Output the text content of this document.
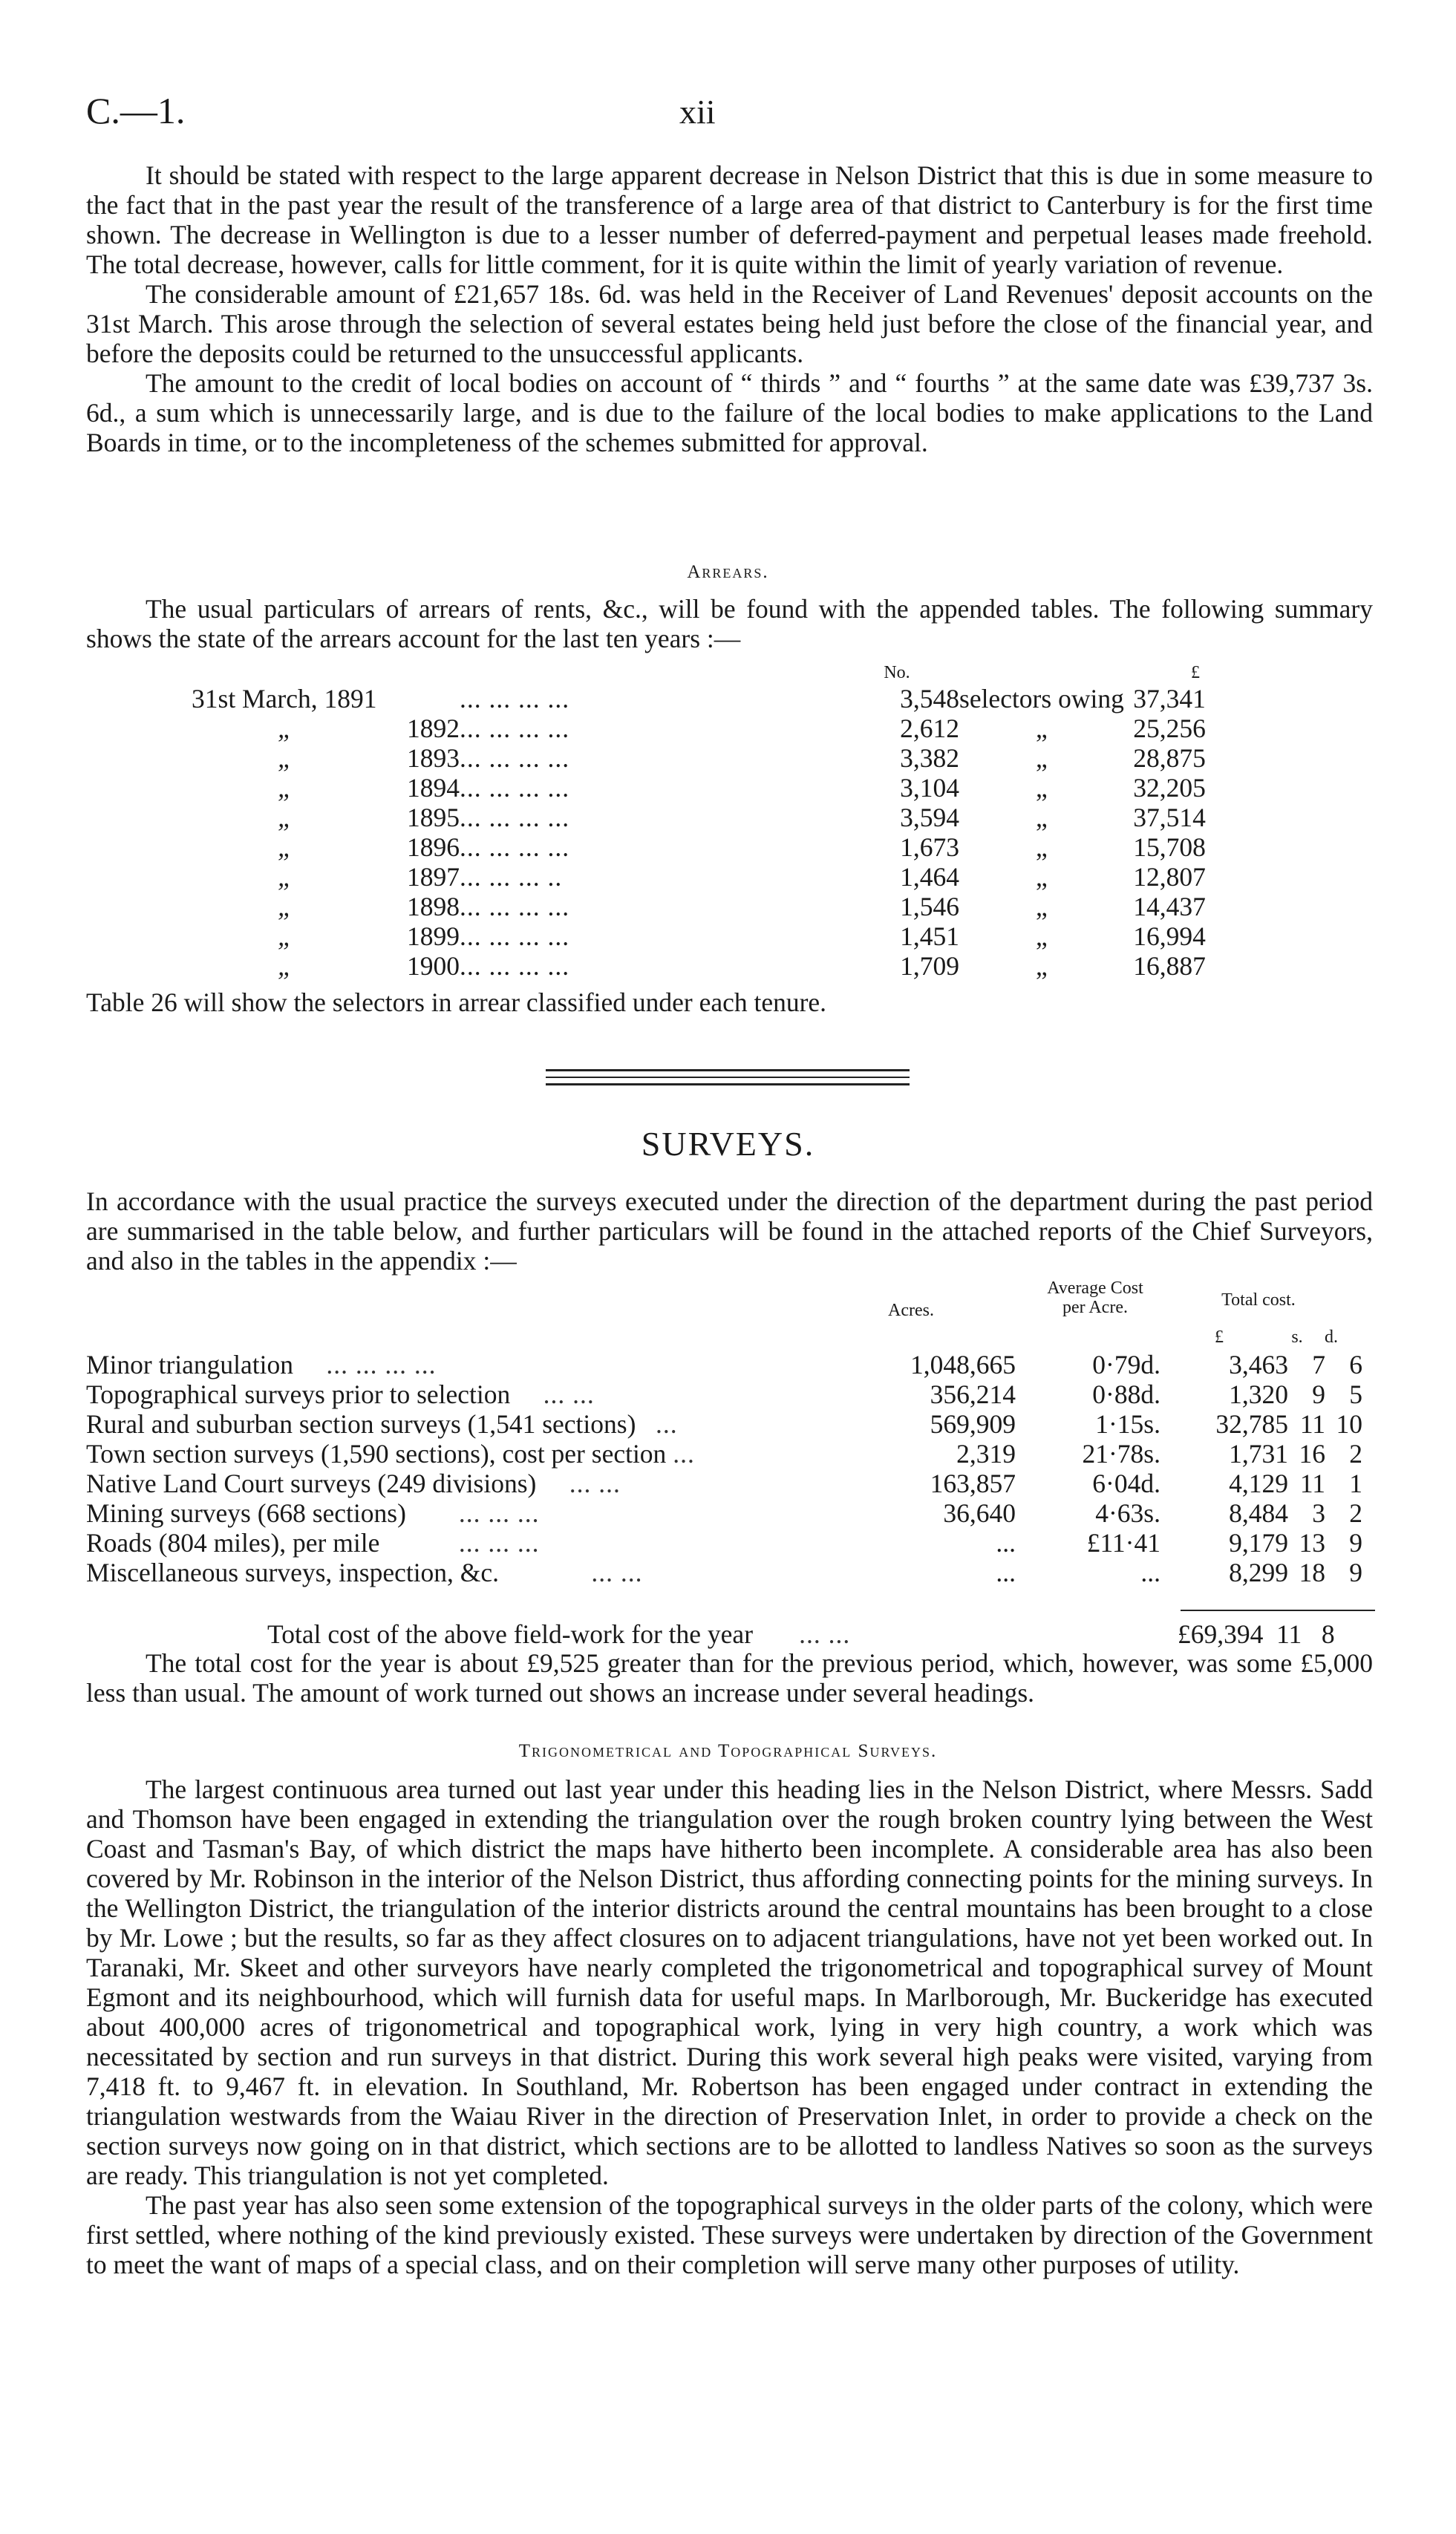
C.—1.	xii

It should be stated with respect to the large apparent decrease in Nelson District that this is due in some measure to the fact that in the past year the result of the transference of a large area of that district to Canterbury is for the first time shown. The decrease in Wellington is due to a lesser number of deferred-payment and perpetual leases made freehold. The total decrease, however, calls for little comment, for it is quite within the limit of yearly variation of revenue.

The considerable amount of £21,657 18s. 6d. was held in the Receiver of Land Revenues' deposit accounts on the 31st March. This arose through the selection of several estates being held just before the close of the financial year, and before the deposits could be returned to the unsuccessful applicants.

The amount to the credit of local bodies on account of “ thirds ” and “ fourths ” at the same date was £39,737 3s. 6d., a sum which is unnecessarily large, and is due to the failure of the local bodies to make applications to the Land Boards in time, or to the incompleteness of the schemes submitted for approval.

Arrears.

The usual particulars of arrears of rents, &c., will be found with the appended tables. The following summary shows the state of the arrears account for the last ten years :—

No.	£
31st March, 1891	... ... ... ...	3,548	selectors owing	37,341

„ 1892	... ... ... ...	2,612	„	25,256

„ 1893	... ... ... ...	3,382	„	28,875

„ 1894	... ... ... ...	3,104	„	32,205

„ 1895	... ... ... ...	3,594	„	37,514

„ 1896	... ... ... ...	1,673	„	15,708

„ 1897	... ... ... ..	1,464	„	12,807

„ 1898	... ... ... ...	1,546	„	14,437

„ 1899	... ... ... ...	1,451	„	16,994

„ 1900	... ... ... ...	1,709	„	16,887
Table 26 will show the selectors in arrear classified under each tenure.
SURVEYS.

In accordance with the usual practice the surveys executed under the direction of the department during the past period are summarised in the table below, and further particulars will be found in the attached reports of the Chief Surveyors, and also in the tables in the appendix :—

Acres.
Average Cost per Acre.	Total cost.
£	s.	d.
Minor triangulation ... ... ... ...	1,048,665	0·79d.	3,463	7	6
Topographical surveys prior to selection ... ...	356,214	0·88d.	1,320	9	5
Rural and suburban section surveys (1,541 sections) ...	569,909	1·15s.	32,785	11	10
Town section surveys (1,590 sections), cost per section ...	2,319	21·78s.	1,731	16	2
Native Land Court surveys (249 divisions) ... ...	163,857	6·04d.	4,129	11	1
Mining surveys (668 sections) ... ... ...	36,640	4·63s.	8,484	3	2
Roads (804 miles), per mile ... ... ...	...	£11·41	9,179	13	9
Miscellaneous surveys, inspection, &c. ... ...	...	...	8,299	18	9
Total cost of the above field-work for the year ... ...	£69,394  11   8

The total cost for the year is about £9,525 greater than for the previous period, which, however, was some £5,000 less than usual. The amount of work turned out shows an increase under several headings.

Trigonometrical and Topographical Surveys.

The largest continuous area turned out last year under this heading lies in the Nelson District, where Messrs. Sadd and Thomson have been engaged in extending the triangulation over the rough broken country lying between the West Coast and Tasman's Bay, of which district the maps have hitherto been incomplete. A considerable area has also been covered by Mr. Robinson in the interior of the Nelson District, thus affording connecting points for the mining surveys. In the Wellington District, the triangulation of the interior districts around the central mountains has been brought to a close by Mr. Lowe ; but the results, so far as they affect closures on to adjacent triangulations, have not yet been worked out. In Taranaki, Mr. Skeet and other surveyors have nearly completed the trigonometrical and topographical survey of Mount Egmont and its neighbourhood, which will furnish data for useful maps. In Marlborough, Mr. Buckeridge has executed about 400,000 acres of trigonometrical and topographical work, lying in very high country, a work which was necessitated by section and run surveys in that district. During this work several high peaks were visited, varying from 7,418 ft. to 9,467 ft. in elevation. In Southland, Mr. Robertson has been engaged under contract in extending the triangulation westwards from the Waiau River in the direction of Preservation Inlet, in order to provide a check on the section surveys now going on in that district, which sections are to be allotted to landless Natives so soon as the surveys are ready. This triangulation is not yet completed.

The past year has also seen some extension of the topographical surveys in the older parts of the colony, which were first settled, where nothing of the kind previously existed. These surveys were undertaken by direction of the Government to meet the want of maps of a special class, and on their completion will serve many other purposes of utility.
